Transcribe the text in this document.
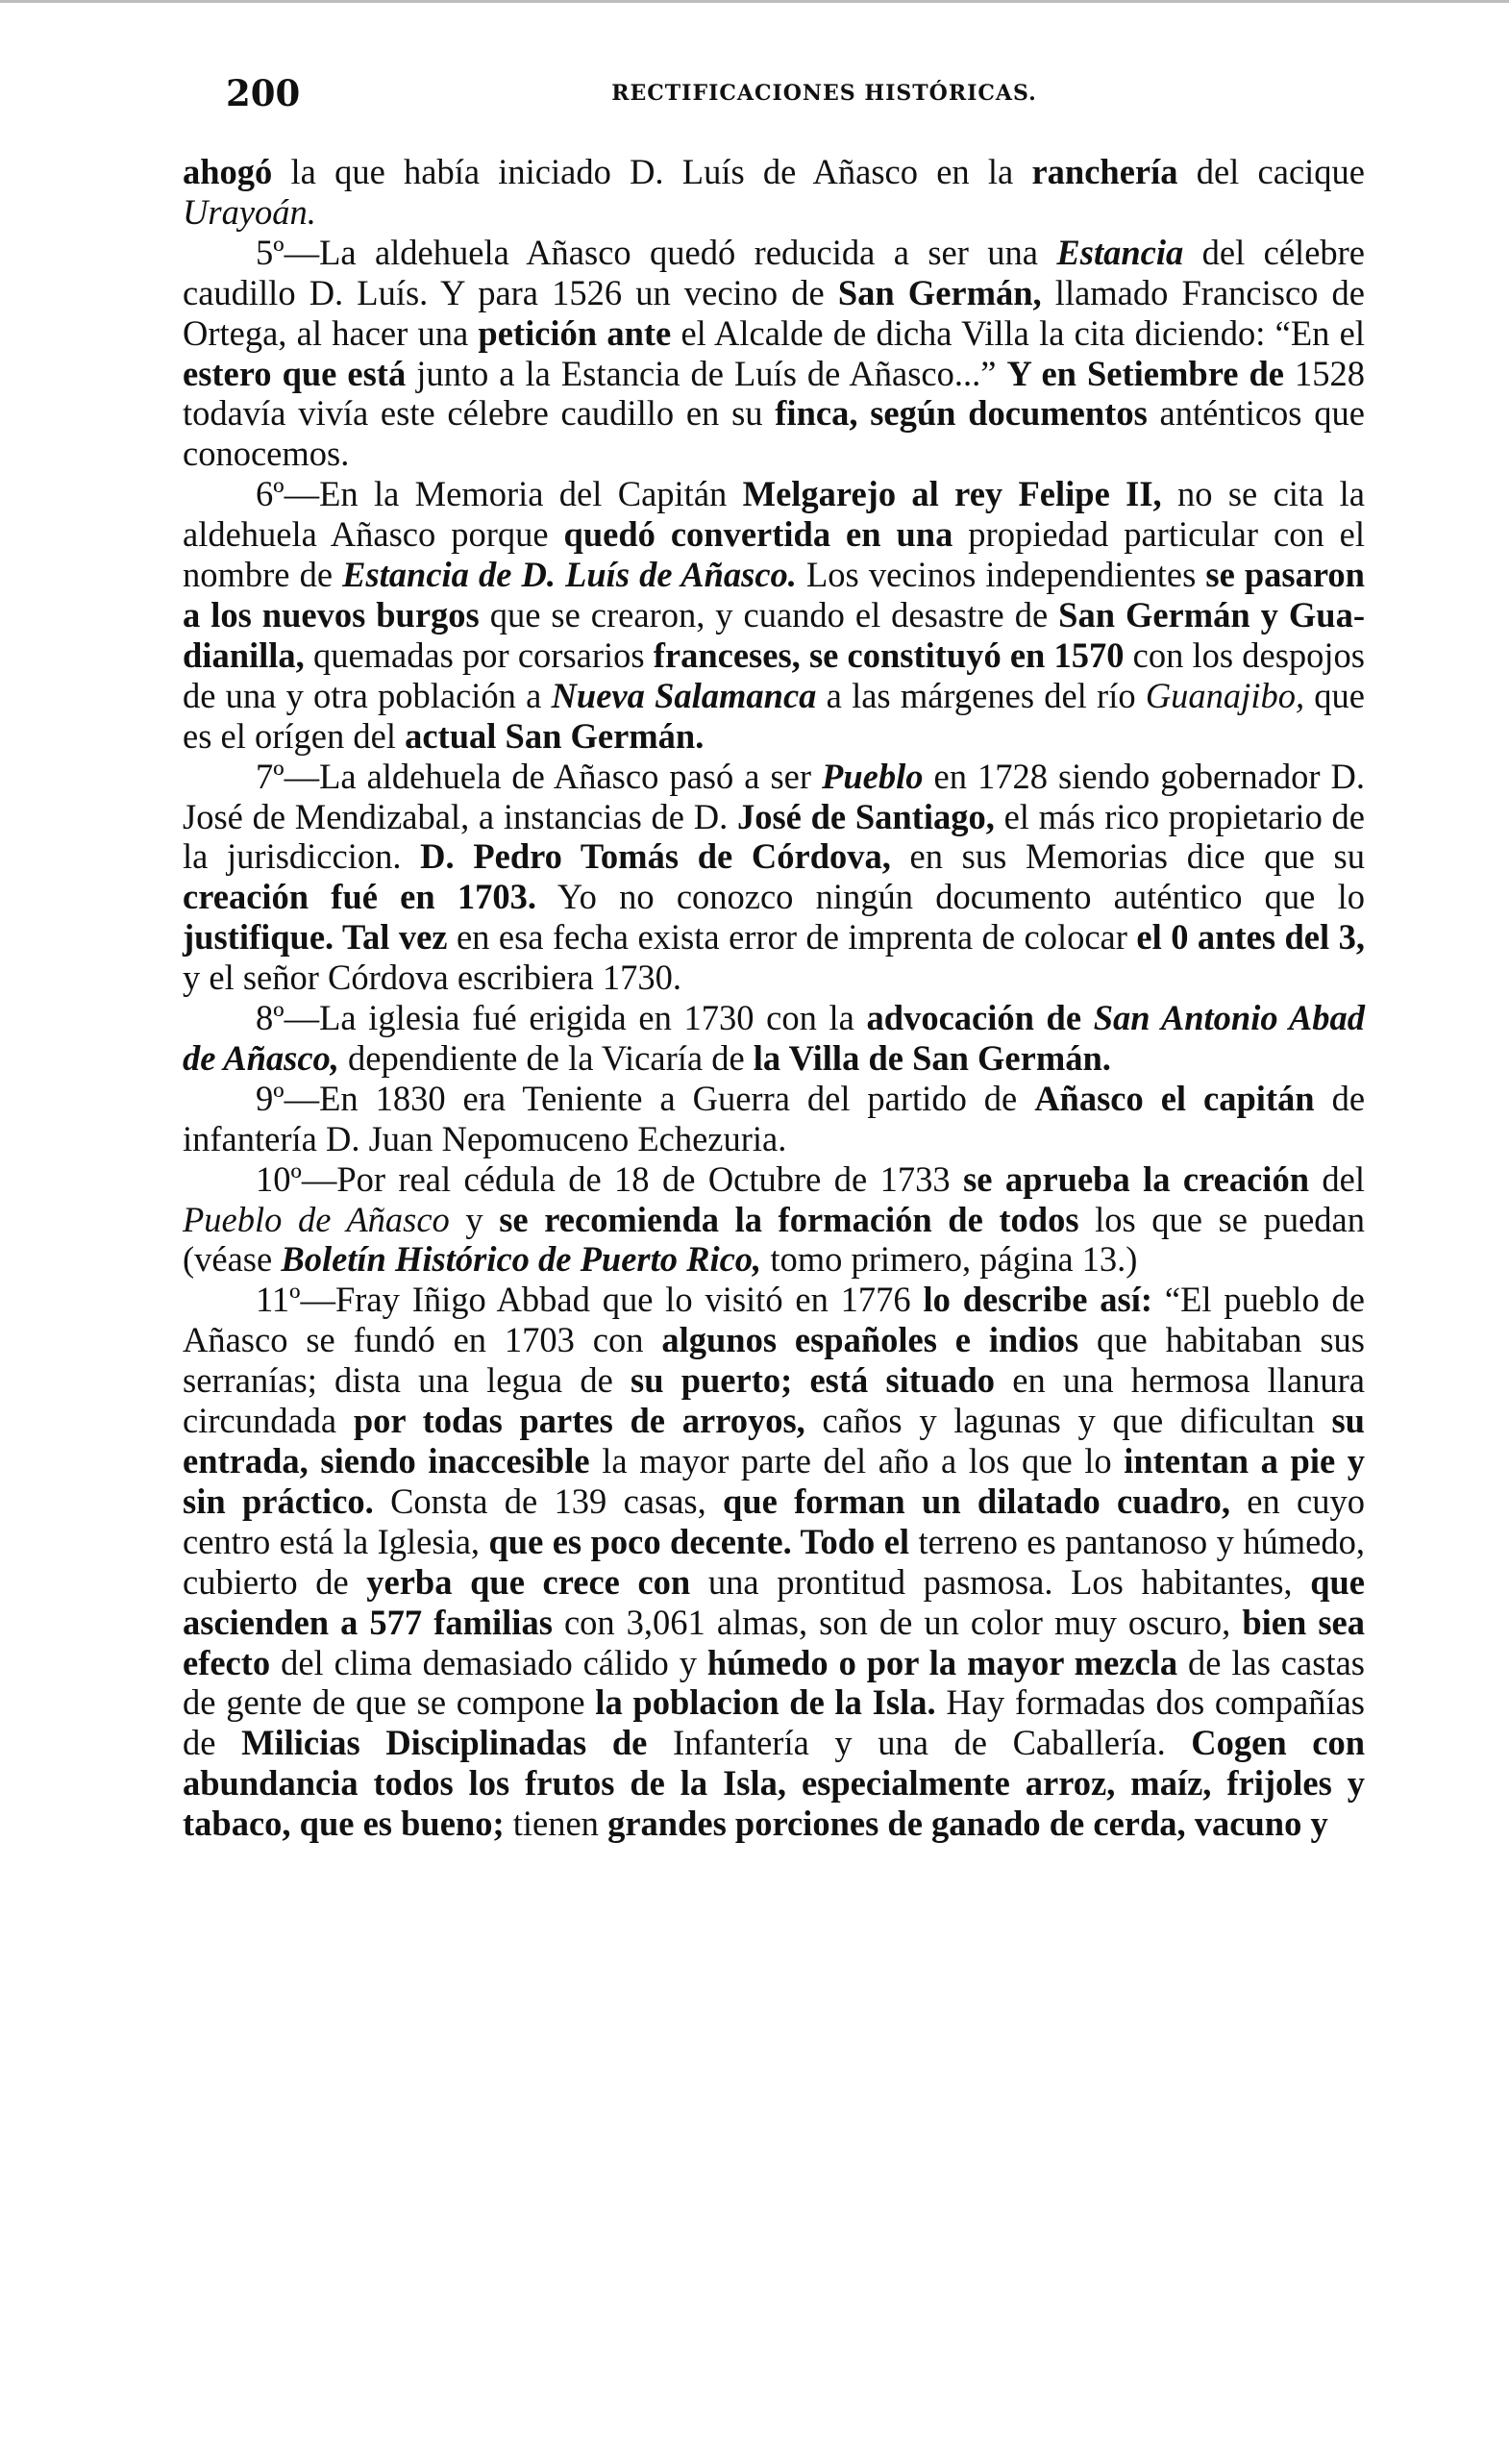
200	RECTIFICACIONES HISTÓRICAS.

ahogó la que había iniciado D. Luís de Añasco en la ranchería del cacique Urayoán.

5º—La aldehuela Añasco quedó reducida a ser una Estancia del célebre caudillo D. Luís. Y para 1526 un vecino de San Germán, llamado Francisco de Ortega, al hacer una petición ante el Alcalde de dicha Villa la cita diciendo: “En el estero que está junto a la Estancia de Luís de Añasco...” Y en Setiembre de 1528 todavía vivía este célebre caudillo en su finca, según documentos anténticos que conocemos.

6º—En la Memoria del Capitán Melgarejo al rey Felipe II, no se cita la aldehuela Añasco porque quedó convertida en una propiedad particular con el nombre de Estancia de D. Luís de Añasco. Los vecinos independientes se pasaron a los nuevos burgos que se crearon, y cuando el desastre de San Germán y Guadianilla, quemadas por corsarios franceses, se constituyó en 1570 con los despojos de una y otra población a Nueva Salamanca a las márgenes del río Guanajibo, que es el orígen del actual San Germán.

7º—La aldehuela de Añasco pasó a ser Pueblo en 1728 siendo gobernador D. José de Mendizabal, a instancias de D. José de Santiago, el más rico propietario de la jurisdiccion. D. Pedro Tomás de Córdova, en sus Memorias dice que su creación fué en 1703. Yo no conozco ningún documento auténtico que lo justifique. Tal vez en esa fecha exista error de imprenta de colocar el 0 antes del 3, y el señor Córdova escribiera 1730.

8º—La iglesia fué erigida en 1730 con la advocación de San Antonio Abad de Añasco, dependiente de la Vicaría de la Villa de San Germán.

9º—En 1830 era Teniente a Guerra del partido de Añasco el capitán de infantería D. Juan Nepomuceno Echezuria.

10º—Por real cédula de 18 de Octubre de 1733 se aprueba la creación del Pueblo de Añasco y se recomienda la formación de todos los que se puedan (véase Boletín Histórico de Puerto Rico, tomo primero, página 13.)

11º—Fray Iñigo Abbad que lo visitó en 1776 lo describe así: “El pueblo de Añasco se fundó en 1703 con algunos españoles e indios que habitaban sus serranías; dista una legua de su puerto; está situado en una hermosa llanura circundada por todas partes de arroyos, caños y lagunas y que dificultan su entrada, siendo inaccesible la mayor parte del año a los que lo intentan a pie y sin práctico. Consta de 139 casas, que forman un dilatado cuadro, en cuyo centro está la Iglesia, que es poco decente. Todo el terreno es pantanoso y húmedo, cubierto de yerba que crece con una prontitud pasmosa. Los habitantes, que ascienden a 577 familias con 3,061 almas, son de un color muy oscuro, bien sea efecto del clima demasiado cálido y húmedo o por la mayor mezcla de las castas de gente de que se compone la poblacion de la Isla. Hay formadas dos compañías de Milicias Disciplinadas de Infantería y una de Caballería. Cogen con abundancia todos los frutos de la Isla, especialmente arroz, maíz, frijoles y tabaco, que es bueno; tienen grandes porciones de ganado de cerda, vacuno y
